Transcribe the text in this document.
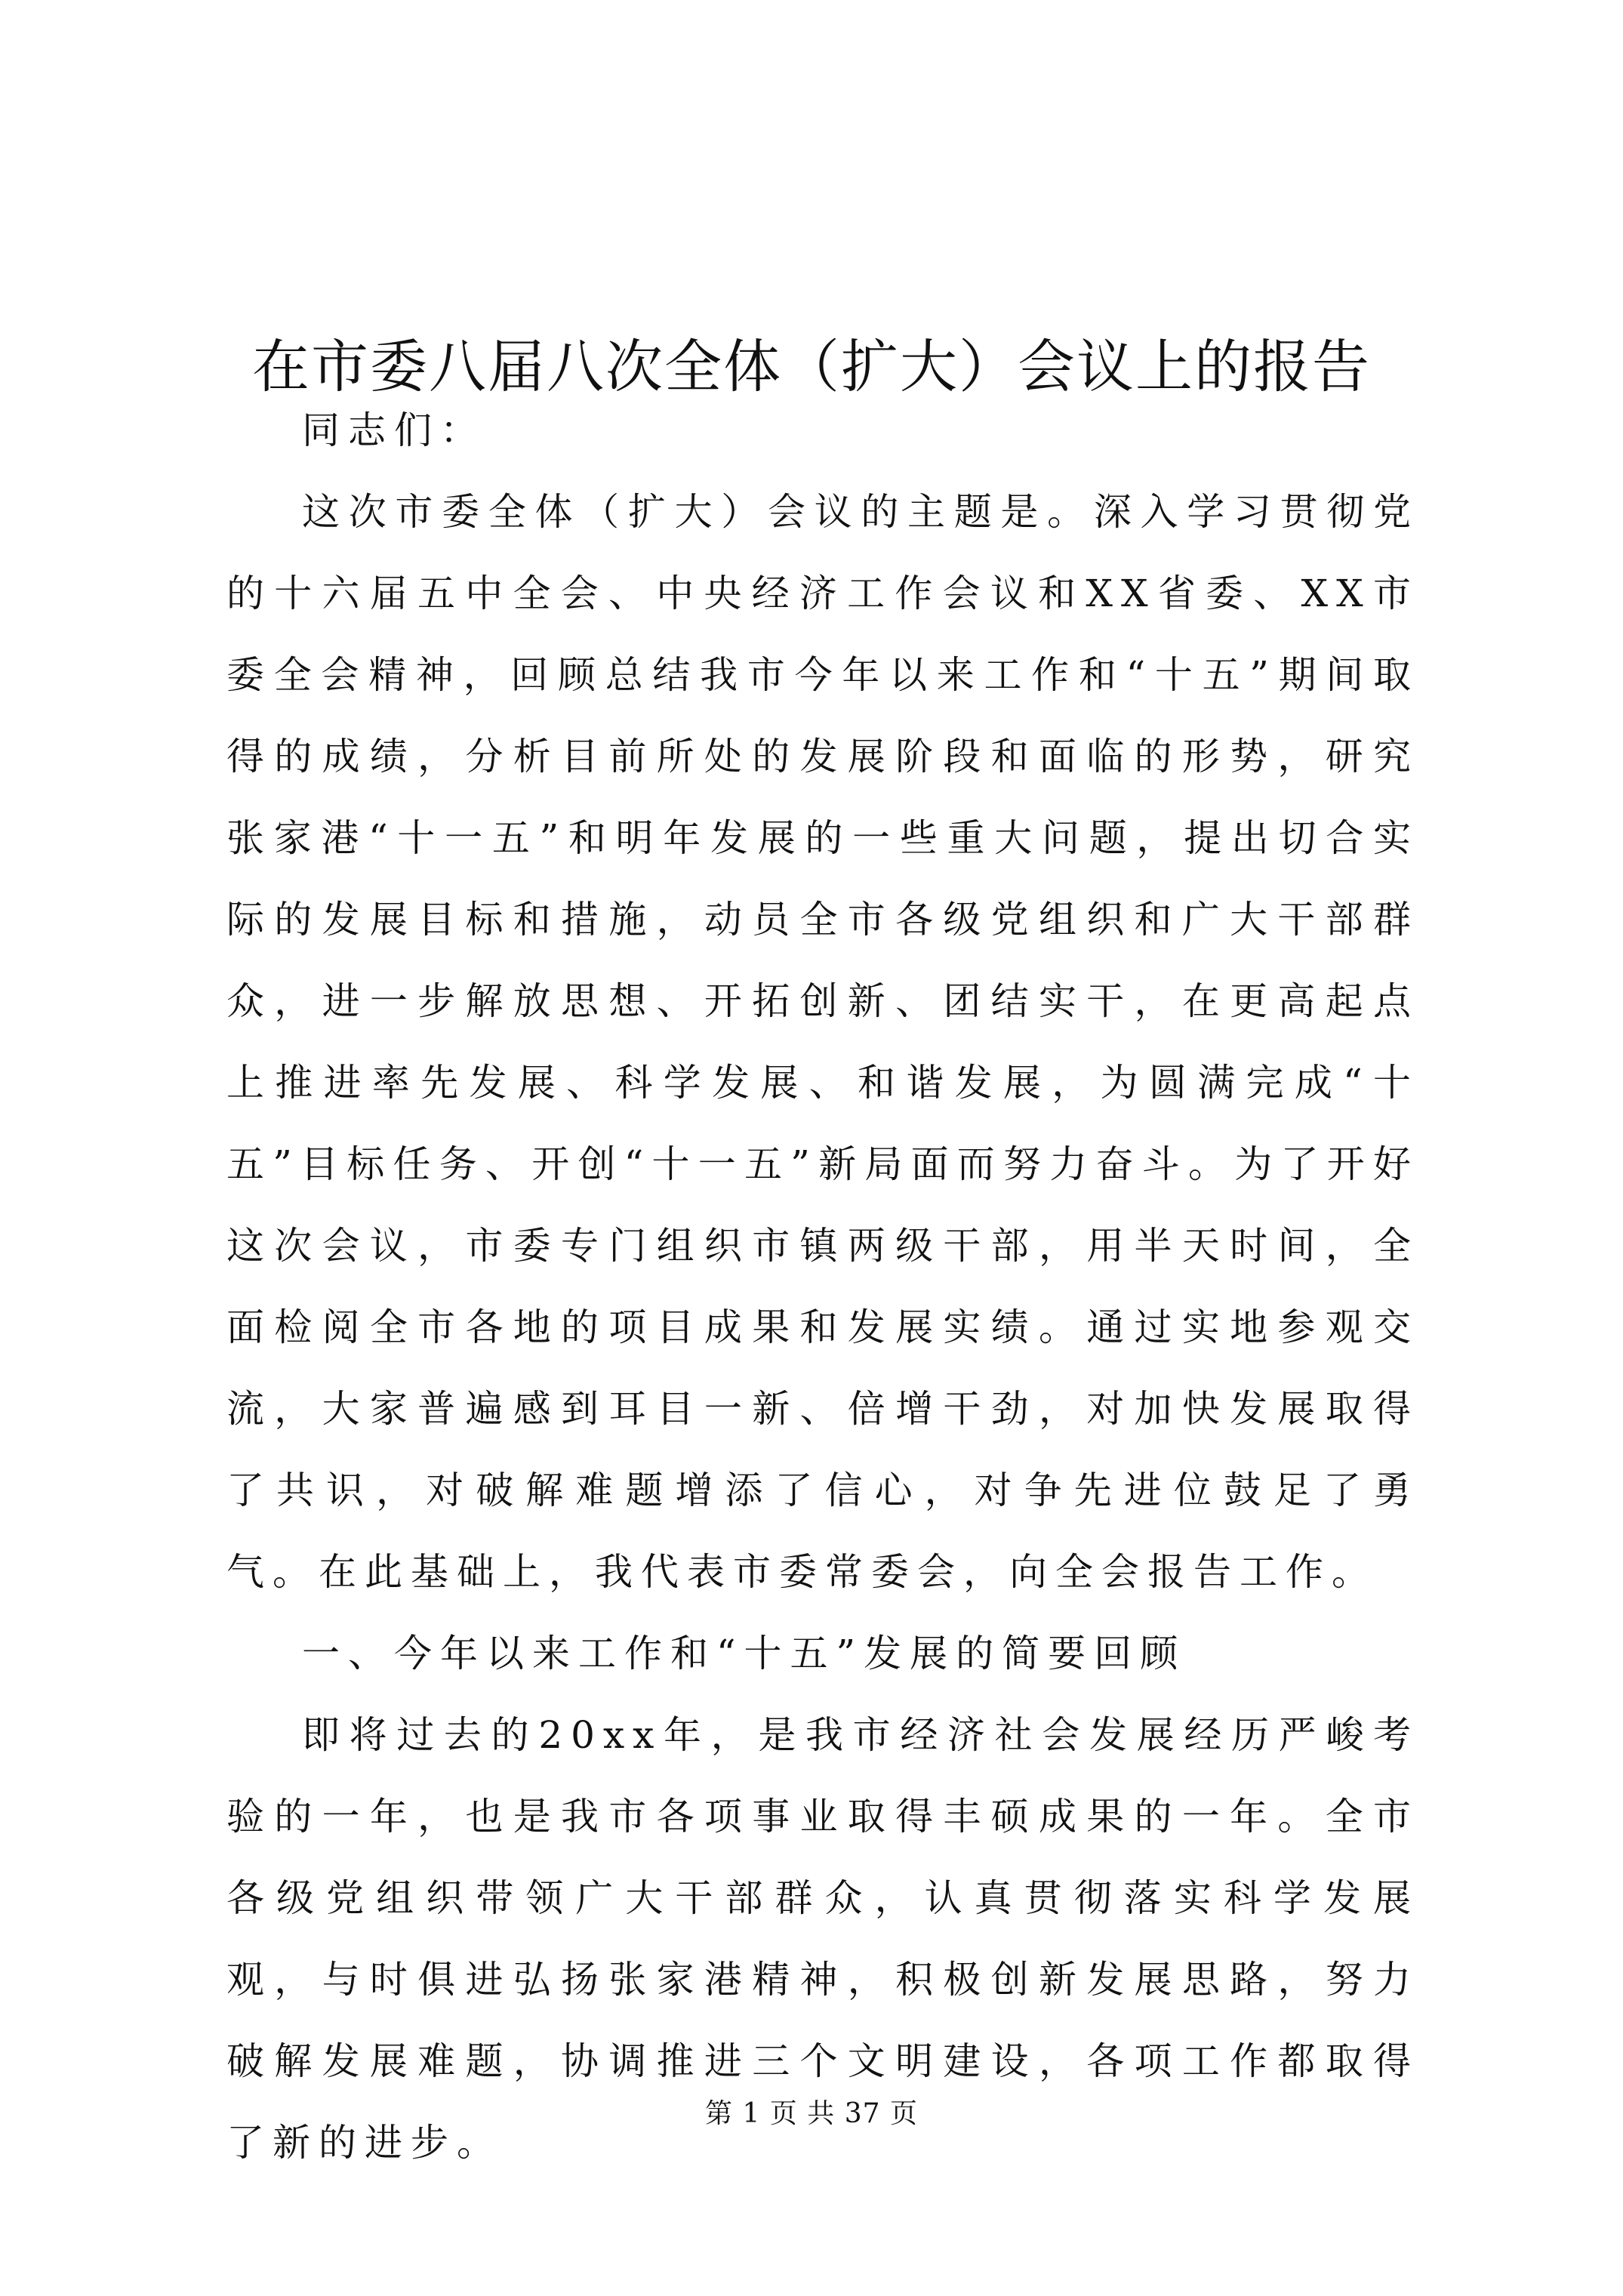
在市委八届八次全体（扩大）会议上的报告

同志们：

这次市委全体（扩大）会议的主题是。深入学习贯彻党的十六届五中全会、中央经济工作会议和XX省委、XX市委全会精神，回顾总结我市今年以来工作和“十五”期间取得的成绩，分析目前所处的发展阶段和面临的形势，研究张家港“十一五”和明年发展的一些重大问题，提出切合实际的发展目标和措施，动员全市各级党组织和广大干部群众，进一步解放思想、开拓创新、团结实干，在更高起点上推进率先发展、科学发展、和谐发展，为圆满完成“十五”目标任务、开创“十一五”新局面而努力奋斗。为了开好这次会议，市委专门组织市镇两级干部，用半天时间，全面检阅全市各地的项目成果和发展实绩。通过实地参观交流，大家普遍感到耳目一新、倍增干劲，对加快发展取得了共识，对破解难题增添了信心，对争先进位鼓足了勇气。在此基础上，我代表市委常委会，向全会报告工作。

一、今年以来工作和“十五”发展的简要回顾

即将过去的20xx年，是我市经济社会发展经历严峻考验的一年，也是我市各项事业取得丰硕成果的一年。全市各级党组织带领广大干部群众，认真贯彻落实科学发展观，与时俱进弘扬张家港精神，积极创新发展思路，努力破解发展难题，协调推进三个文明建设，各项工作都取得了新的进步。

第 1 页 共 37 页
